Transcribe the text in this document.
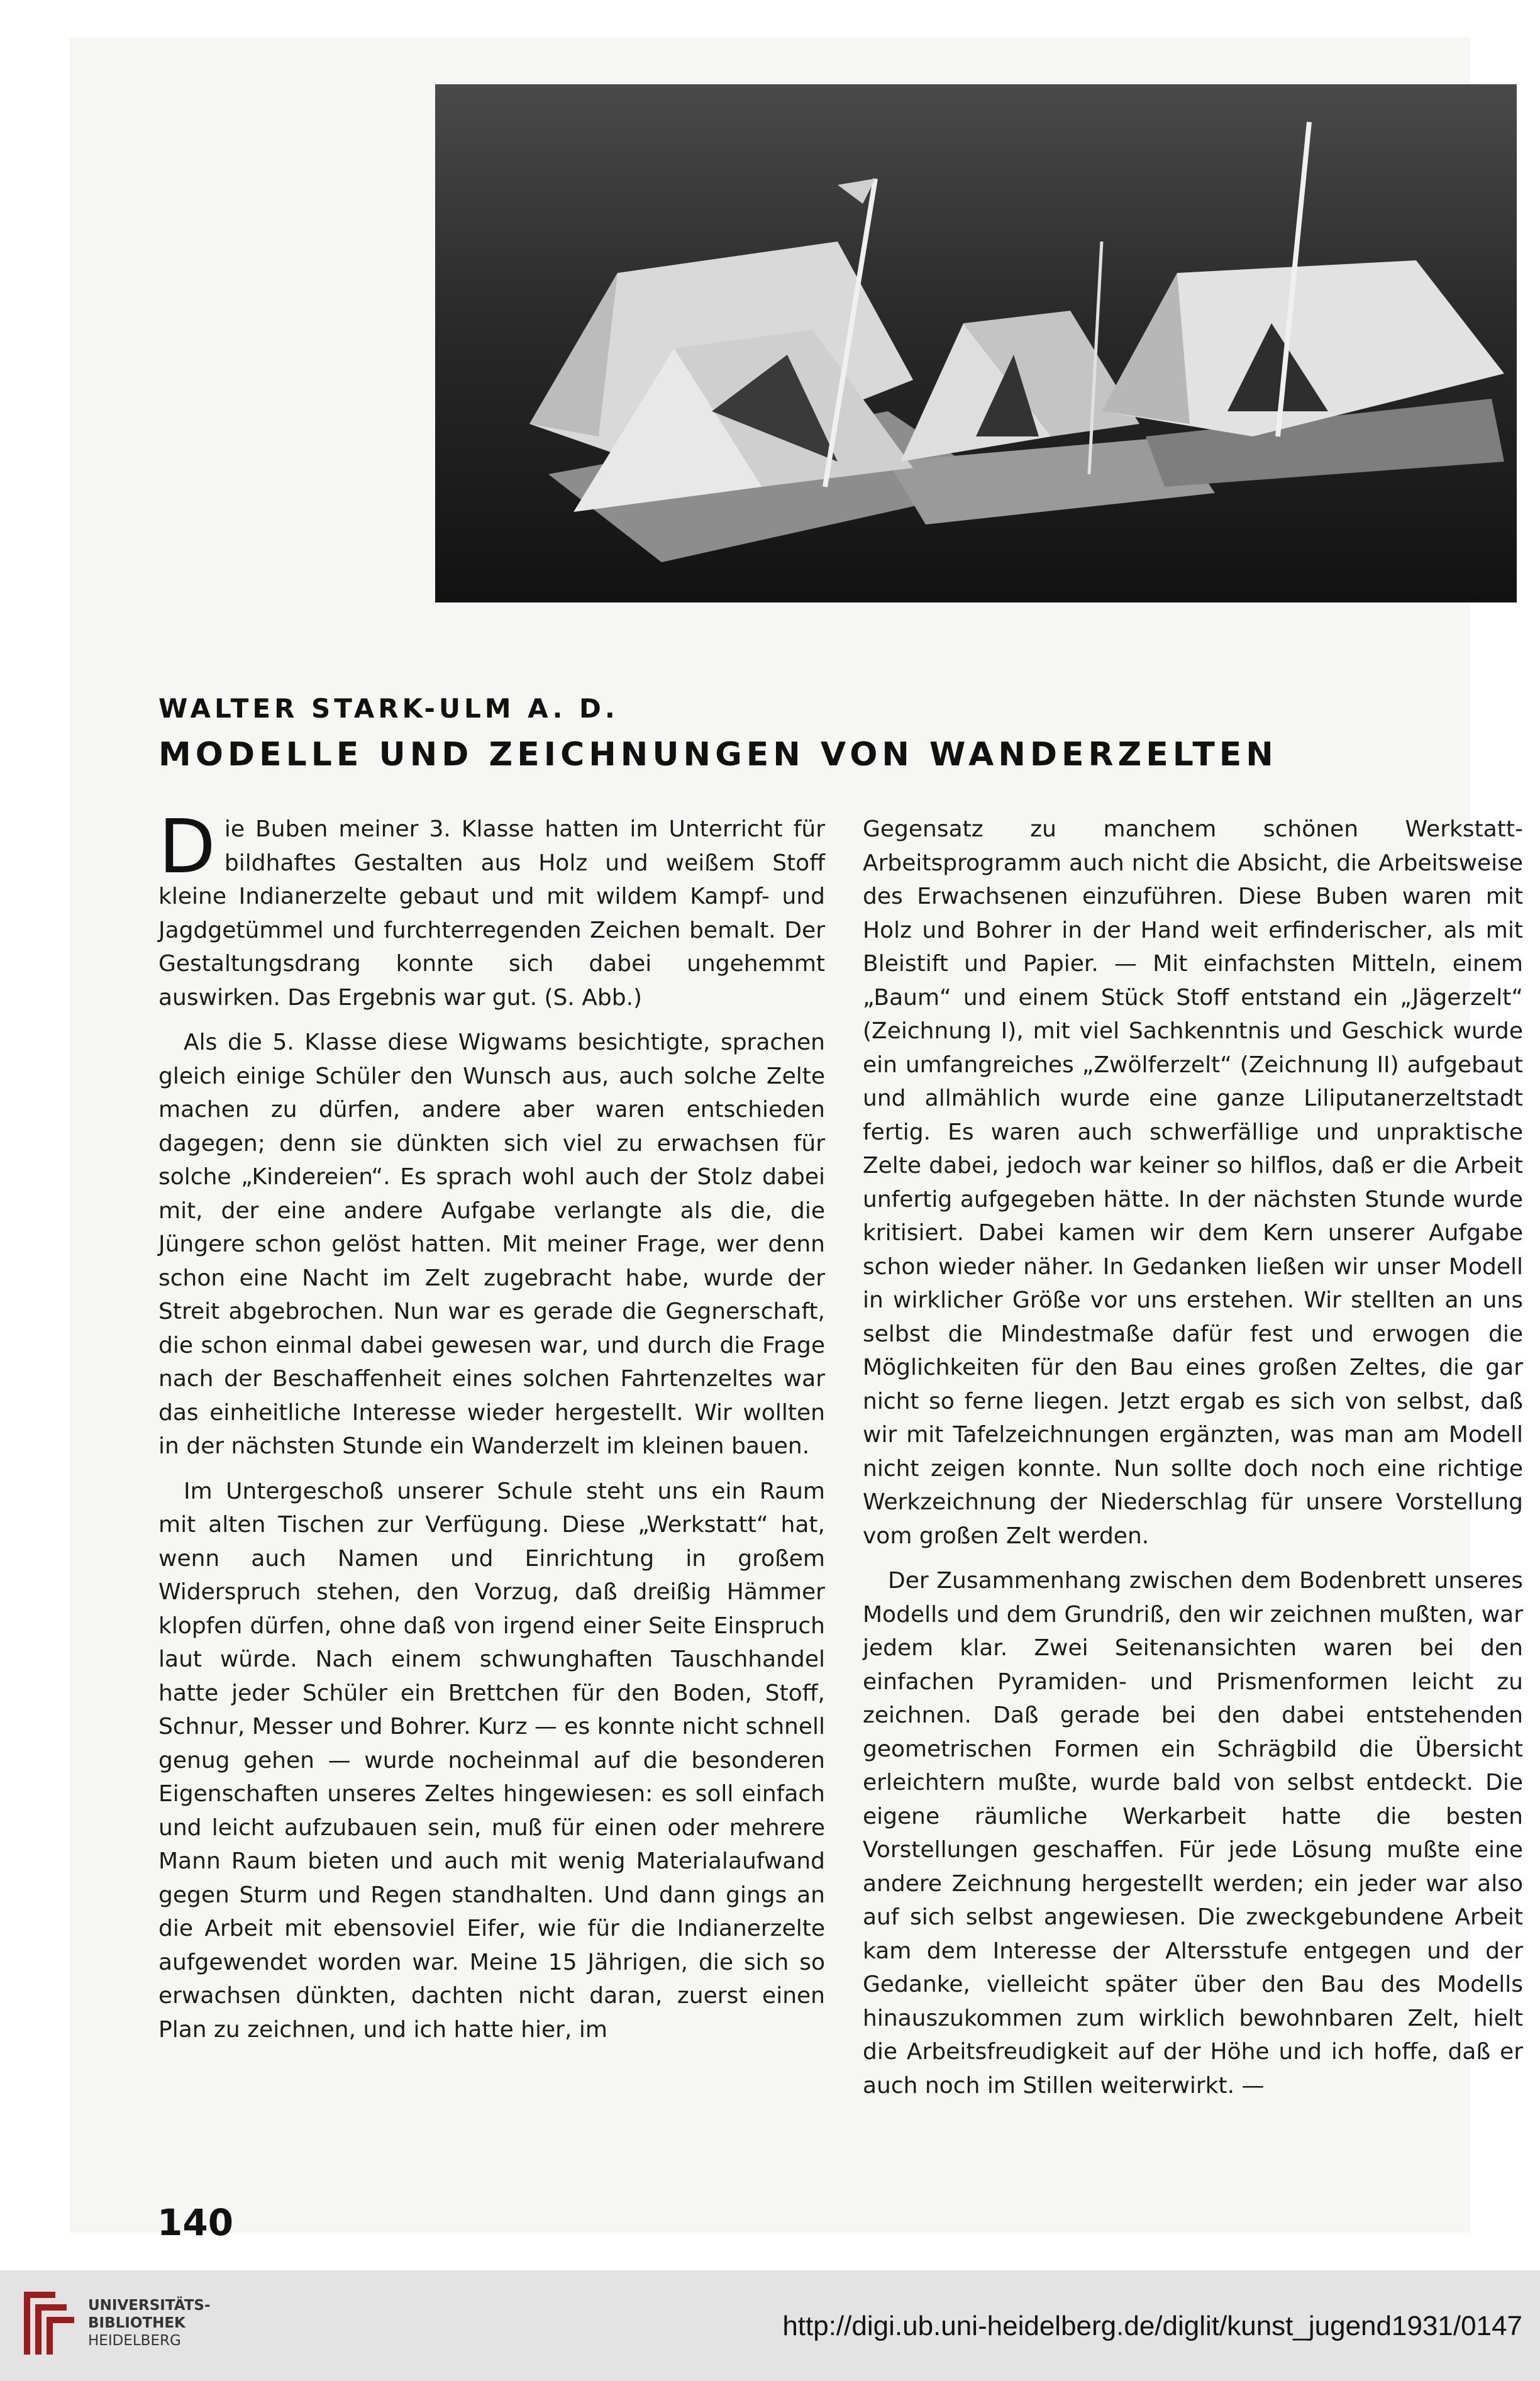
WALTER STARK-ULM A. D.
MODELLE UND ZEICHNUNGEN VON WANDERZELTEN

Die Buben meiner 3. Klasse hatten im Unterricht für bildhaftes Gestalten aus Holz und weißem Stoff kleine Indianerzelte gebaut und mit wildem Kampf- und Jagdgetümmel und furchterregenden Zeichen bemalt. Der Gestaltungsdrang konnte sich dabei ungehemmt auswirken. Das Ergebnis war gut. (S. Abb.)

Als die 5. Klasse diese Wigwams besichtigte, sprachen gleich einige Schüler den Wunsch aus, auch solche Zelte machen zu dürfen, andere aber waren entschieden dagegen; denn sie dünkten sich viel zu erwachsen für solche „Kindereien“. Es sprach wohl auch der Stolz dabei mit, der eine andere Aufgabe verlangte als die, die Jüngere schon gelöst hatten. Mit meiner Frage, wer denn schon eine Nacht im Zelt zugebracht habe, wurde der Streit abgebrochen. Nun war es gerade die Gegnerschaft, die schon einmal dabei gewesen war, und durch die Frage nach der Beschaffenheit eines solchen Fahrtenzeltes war das einheitliche Interesse wieder hergestellt. Wir wollten in der nächsten Stunde ein Wanderzelt im kleinen bauen.

Im Untergeschoß unserer Schule steht uns ein Raum mit alten Tischen zur Verfügung. Diese „Werkstatt“ hat, wenn auch Namen und Einrichtung in großem Widerspruch stehen, den Vorzug, daß dreißig Hämmer klopfen dürfen, ohne daß von irgend einer Seite Einspruch laut würde. Nach einem schwunghaften Tauschhandel hatte jeder Schüler ein Brettchen für den Boden, Stoff, Schnur, Messer und Bohrer. Kurz — es konnte nicht schnell genug gehen — wurde nocheinmal auf die besonderen Eigenschaften unseres Zeltes hingewiesen: es soll einfach und leicht aufzubauen sein, muß für einen oder mehrere Mann Raum bieten und auch mit wenig Materialaufwand gegen Sturm und Regen standhalten. Und dann gings an die Arbeit mit ebensoviel Eifer, wie für die Indianerzelte aufgewendet worden war. Meine 15 Jährigen, die sich so erwachsen dünkten, dachten nicht daran, zuerst einen Plan zu zeichnen, und ich hatte hier, im

Gegensatz zu manchem schönen Werkstatt-Arbeitsprogramm auch nicht die Absicht, die Arbeitsweise des Erwachsenen einzuführen. Diese Buben waren mit Holz und Bohrer in der Hand weit erfinderischer, als mit Bleistift und Papier. — Mit einfachsten Mitteln, einem „Baum“ und einem Stück Stoff entstand ein „Jägerzelt“ (Zeichnung I), mit viel Sachkenntnis und Geschick wurde ein umfangreiches „Zwölferzelt“ (Zeichnung II) aufgebaut und allmählich wurde eine ganze Liliputanerzeltstadt fertig. Es waren auch schwerfällige und unpraktische Zelte dabei, jedoch war keiner so hilflos, daß er die Arbeit unfertig aufgegeben hätte. In der nächsten Stunde wurde kritisiert. Dabei kamen wir dem Kern unserer Aufgabe schon wieder näher. In Gedanken ließen wir unser Modell in wirklicher Größe vor uns erstehen. Wir stellten an uns selbst die Mindestmaße dafür fest und erwogen die Möglichkeiten für den Bau eines großen Zeltes, die gar nicht so ferne liegen. Jetzt ergab es sich von selbst, daß wir mit Tafelzeichnungen ergänzten, was man am Modell nicht zeigen konnte. Nun sollte doch noch eine richtige Werkzeichnung der Niederschlag für unsere Vorstellung vom großen Zelt werden.

Der Zusammenhang zwischen dem Bodenbrett unseres Modells und dem Grundriß, den wir zeichnen mußten, war jedem klar. Zwei Seitenansichten waren bei den einfachen Pyramiden- und Prismenformen leicht zu zeichnen. Daß gerade bei den dabei entstehenden geometrischen Formen ein Schrägbild die Übersicht erleichtern mußte, wurde bald von selbst entdeckt. Die eigene räumliche Werkarbeit hatte die besten Vorstellungen geschaffen. Für jede Lösung mußte eine andere Zeichnung hergestellt werden; ein jeder war also auf sich selbst angewiesen. Die zweckgebundene Arbeit kam dem Interesse der Altersstufe entgegen und der Gedanke, vielleicht später über den Bau des Modells hinauszukommen zum wirklich bewohnbaren Zelt, hielt die Arbeitsfreudigkeit auf der Höhe und ich hoffe, daß er auch noch im Stillen weiterwirkt. —

140
UNIVERSITÄTS-
BIBLIOTHEK
HEIDELBERG	http://digi.ub.uni-heidelberg.de/diglit/kunst_jugend1931/0147
